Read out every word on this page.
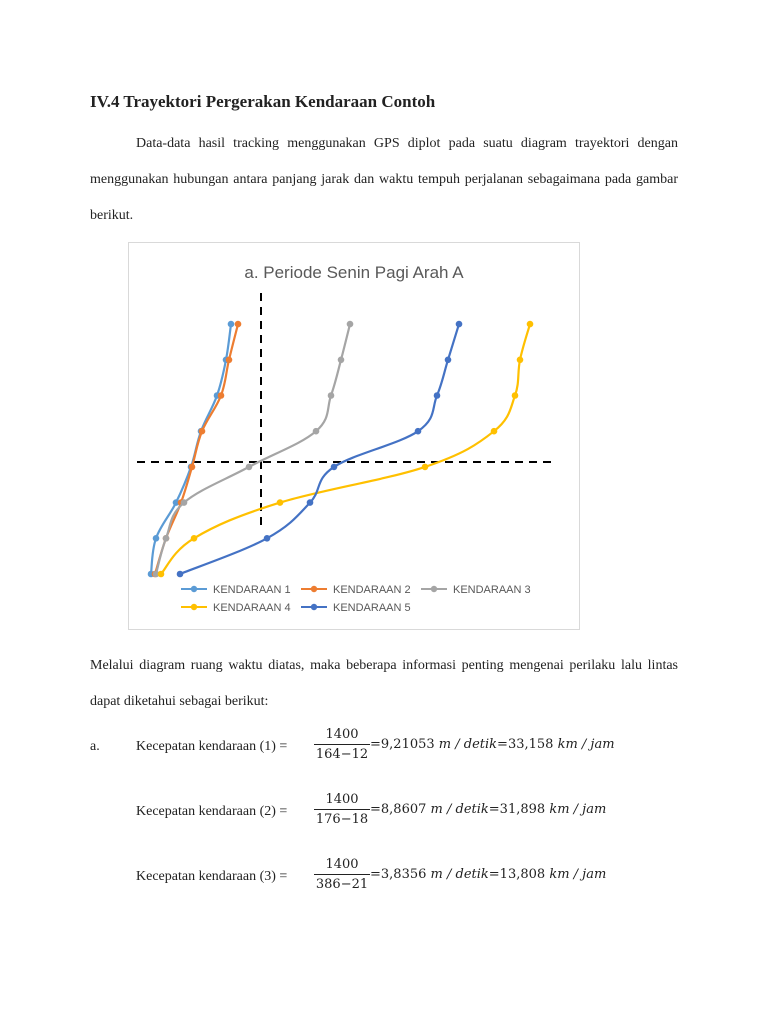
IV.4 Trayektori Pergerakan Kendaraan Contoh

Data-data hasil tracking menggunakan GPS diplot pada suatu diagram trayektori dengan menggunakan hubungan antara panjang jarak dan waktu tempuh perjalanan sebagaimana pada gambar berikut.

a. Periode Senin Pagi Arah A
KENDARAAN 1	KENDARAAN 2	KENDARAAN 3
KENDARAAN 4	KENDARAAN 5

Melalui diagram ruang waktu diatas, maka beberapa informasi penting mengenai perilaku lalu lintas dapat diketahui sebagai berikut:

a.	Kecepatan kendaraan $(1) = \frac{1400}{164-12} =9,21053$ m / detik=33,158 km / jam
Kecepatan kendaraan $(2) = \frac{1400}{176-18} =8,8607$ m / detik=31,898 km / jam
Kecepatan kendaraan $(3) = \frac{1400}{386-21} =3,8356$ m / detik=13,808 km / jam
